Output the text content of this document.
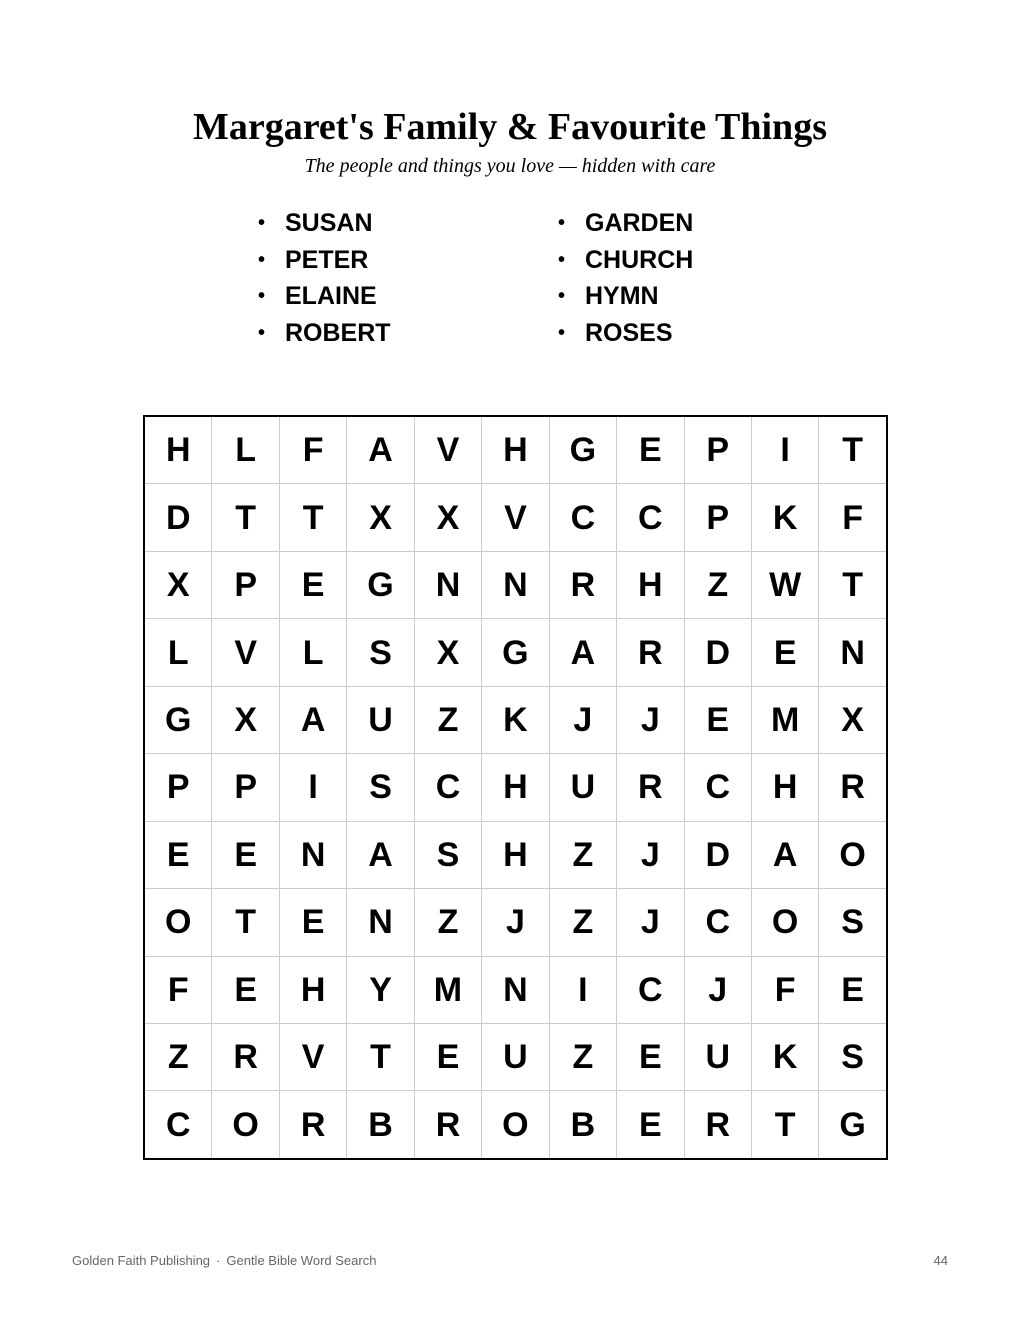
Margaret's Family & Favourite Things

The people and things you love — hidden with care

• SUSAN
• PETER
• ELAINE
• ROBERT
• GARDEN
• CHURCH
• HYMN
• ROSES
H	L	F	A	V	H	G	E	P	I	T
D	T	T	X	X	V	C	C	P	K	F
X	P	E	G	N	N	R	H	Z	W	T
L	V	L	S	X	G	A	R	D	E	N
G	X	A	U	Z	K	J	J	E	M	X
P	P	I	S	C	H	U	R	C	H	R
E	E	N	A	S	H	Z	J	D	A	O
O	T	E	N	Z	J	Z	J	C	O	S
F	E	H	Y	M	N	I	C	J	F	E
Z	R	V	T	E	U	Z	E	U	K	S
C	O	R	B	R	O	B	E	R	T	G
Golden Faith Publishing · Gentle Bible Word Search	44
